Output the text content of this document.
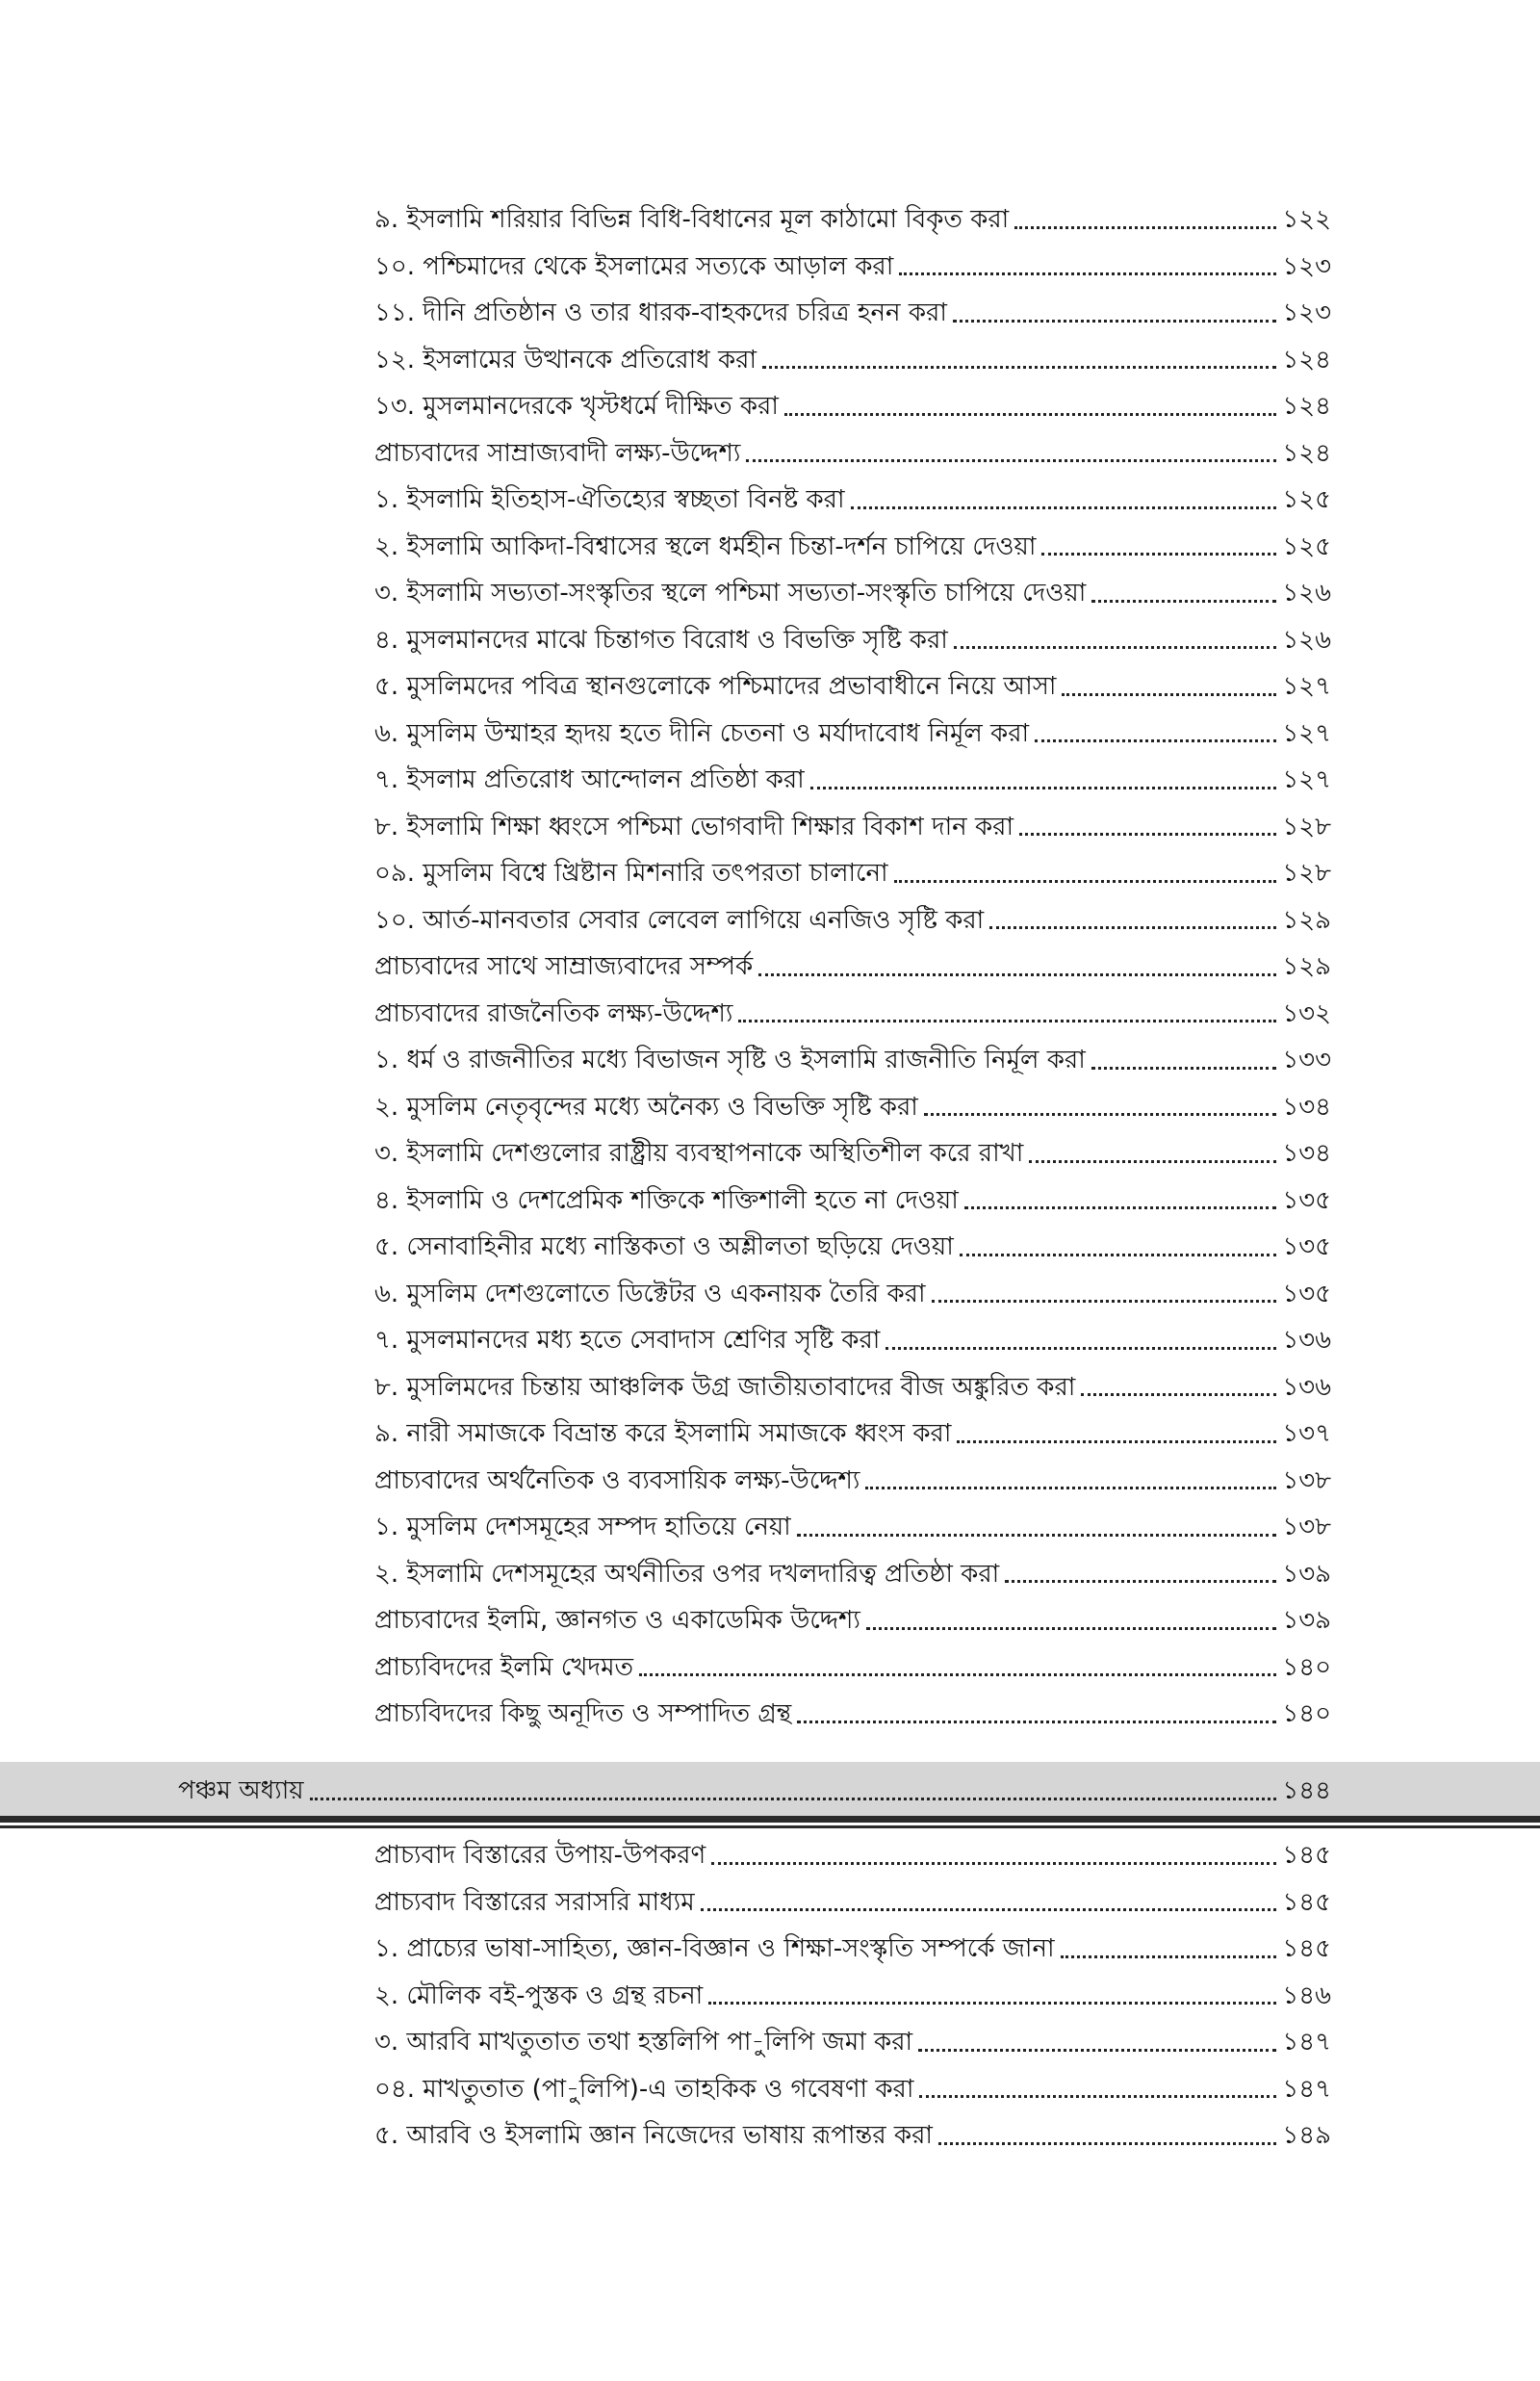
৯. ইসলামি শরিয়ার বিভিন্ন বিধি-বিধানের মূল কাঠামো বিকৃত করা	১২২
১০. পশ্চিমাদের থেকে ইসলামের সত্যকে আড়াল করা	১২৩
১১. দীনি প্রতিষ্ঠান ও তার ধারক-বাহকদের চরিত্র হনন করা	১২৩
১২. ইসলামের উত্থানকে প্রতিরোধ করা	১২৪
১৩. মুসলমানদেরকে খৃস্টধর্মে দীক্ষিত করা	১২৪
প্রাচ্যবাদের সাম্রাজ্যবাদী লক্ষ্য-উদ্দেশ্য	১২৪
১. ইসলামি ইতিহাস-ঐতিহ্যের স্বচ্ছতা বিনষ্ট করা	১২৫
২. ইসলামি আকিদা-বিশ্বাসের স্থলে ধর্মহীন চিন্তা-দর্শন চাপিয়ে দেওয়া	১২৫
৩. ইসলামি সভ্যতা-সংস্কৃতির স্থলে পশ্চিমা সভ্যতা-সংস্কৃতি চাপিয়ে দেওয়া	১২৬
৪. মুসলমানদের মাঝে চিন্তাগত বিরোধ ও বিভক্তি সৃষ্টি করা	১২৬
৫. মুসলিমদের পবিত্র স্থানগুলোকে পশ্চিমাদের প্রভাবাধীনে নিয়ে আসা	১২৭
৬. মুসলিম উম্মাহর হৃদয় হতে দীনি চেতনা ও মর্যাদাবোধ নির্মূল করা	১২৭
৭. ইসলাম প্রতিরোধ আন্দোলন প্রতিষ্ঠা করা	১২৭
৮. ইসলামি শিক্ষা ধ্বংসে পশ্চিমা ভোগবাদী শিক্ষার বিকাশ দান করা	১২৮
০৯. মুসলিম বিশ্বে খ্রিষ্টান মিশনারি তৎপরতা চালানো	১২৮
১০. আর্ত-মানবতার সেবার লেবেল লাগিয়ে এনজিও সৃষ্টি করা	১২৯
প্রাচ্যবাদের সাথে সাম্রাজ্যবাদের সম্পর্ক	১২৯
প্রাচ্যবাদের রাজনৈতিক লক্ষ্য-উদ্দেশ্য	১৩২
১. ধর্ম ও রাজনীতির মধ্যে বিভাজন সৃষ্টি ও ইসলামি রাজনীতি নির্মূল করা	১৩৩
২. মুসলিম নেতৃবৃন্দের মধ্যে অনৈক্য ও বিভক্তি সৃষ্টি করা	১৩৪
৩. ইসলামি দেশগুলোর রাষ্ট্রীয় ব্যবস্থাপনাকে অস্থিতিশীল করে রাখা	১৩৪
৪. ইসলামি ও দেশপ্রেমিক শক্তিকে শক্তিশালী হতে না দেওয়া	১৩৫
৫. সেনাবাহিনীর মধ্যে নাস্তিকতা ও অশ্লীলতা ছড়িয়ে দেওয়া	১৩৫
৬. মুসলিম দেশগুলোতে ডিক্টেটর ও একনায়ক তৈরি করা	১৩৫
৭. মুসলমানদের মধ্য হতে সেবাদাস শ্রেণির সৃষ্টি করা	১৩৬
৮. মুসলিমদের চিন্তায় আঞ্চলিক উগ্র জাতীয়তাবাদের বীজ অঙ্কুরিত করা	১৩৬
৯. নারী সমাজকে বিভ্রান্ত করে ইসলামি সমাজকে ধ্বংস করা	১৩৭
প্রাচ্যবাদের অর্থনৈতিক ও ব্যবসায়িক লক্ষ্য-উদ্দেশ্য	১৩৮
১. মুসলিম দেশসমূহের সম্পদ হাতিয়ে নেয়া	১৩৮
২. ইসলামি দেশসমূহের অর্থনীতির ওপর দখলদারিত্ব প্রতিষ্ঠা করা	১৩৯
প্রাচ্যবাদের ইলমি, জ্ঞানগত ও একাডেমিক উদ্দেশ্য	১৩৯
প্রাচ্যবিদদের ইলমি খেদমত	১৪০
প্রাচ্যবিদদের কিছু অনূদিত ও সম্পাদিত গ্রন্থ	১৪০
পঞ্চম অধ্যায়	১৪৪
প্রাচ্যবাদ বিস্তারের উপায়-উপকরণ	১৪৫
প্রাচ্যবাদ বিস্তারের সরাসরি মাধ্যম	১৪৫
১. প্রাচ্যের ভাষা-সাহিত্য, জ্ঞান-বিজ্ঞান ও শিক্ষা-সংস্কৃতি সম্পর্কে জানা	১৪৫
২. মৌলিক বই-পুস্তক ও গ্রন্থ রচনা	১৪৬
৩. আরবি মাখতুতাত তথা হস্তলিপি পা-ুলিপি জমা করা	১৪৭
০৪. মাখতুতাত (পা-ুলিপি)-এ তাহকিক ও গবেষণা করা	১৪৭
৫. আরবি ও ইসলামি জ্ঞান নিজেদের ভাষায় রূপান্তর করা	১৪৯
